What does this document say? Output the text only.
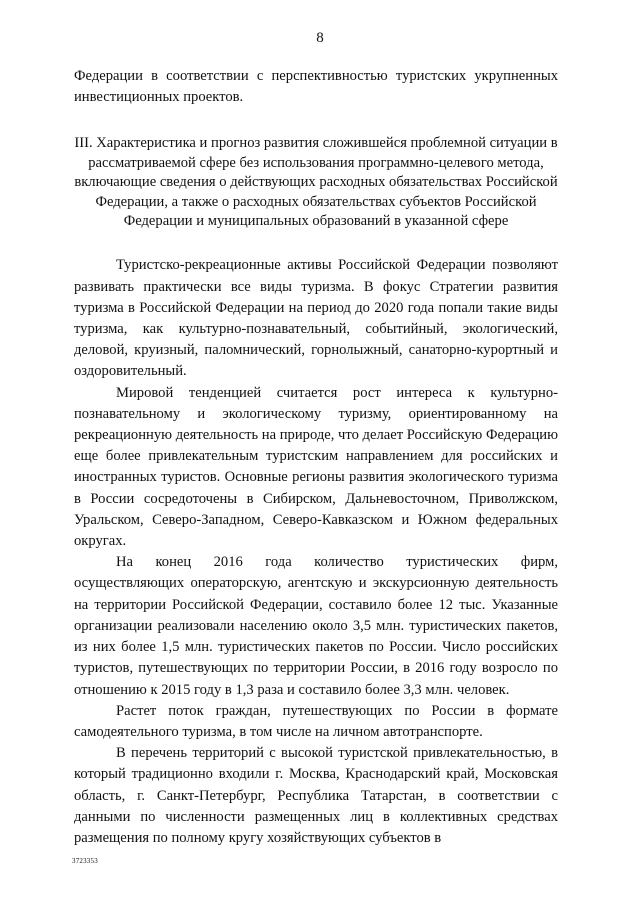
8

Федерации в соответствии с перспективностью туристских укрупненных инвестиционных проектов.

III. Характеристика и прогноз развития сложившейся проблемной ситуации в рассматриваемой сфере без использования программно-целевого метода, включающие сведения о действующих расходных обязательствах Российской Федерации, а также о расходных обязательствах субъектов Российской Федерации и муниципальных образований в указанной сфере

Туристско-рекреационные активы Российской Федерации позволяют развивать практически все виды туризма. В фокус Стратегии развития туризма в Российской Федерации на период до 2020 года попали такие виды туризма, как культурно-познавательный, событийный, экологический, деловой, круизный, паломнический, горнолыжный, санаторно-курортный и оздоровительный.

Мировой тенденцией считается рост интереса к культурно-познавательному и экологическому туризму, ориентированному на рекреационную деятельность на природе, что делает Российскую Федерацию еще более привлекательным туристским направлением для российских и иностранных туристов. Основные регионы развития экологического туризма в России сосредоточены в Сибирском, Дальневосточном, Приволжском, Уральском, Северо-Западном, Северо-Кавказском и Южном федеральных округах.

На конец 2016 года количество туристических фирм, осуществляющих операторскую, агентскую и экскурсионную деятельность на территории Российской Федерации, составило более 12 тыс. Указанные организации реализовали населению около 3,5 млн. туристических пакетов, из них более 1,5 млн. туристических пакетов по России. Число российских туристов, путешествующих по территории России, в 2016 году возросло по отношению к 2015 году в 1,3 раза и составило более 3,3 млн. человек.

Растет поток граждан, путешествующих по России в формате самодеятельного туризма, в том числе на личном автотранспорте.

В перечень территорий с высокой туристской привлекательностью, в который традиционно входили г. Москва, Краснодарский край, Московская область, г. Санкт-Петербург, Республика Татарстан, в соответствии с данными по численности размещенных лиц в коллективных средствах размещения по полному кругу хозяйствующих субъектов в

3723353
